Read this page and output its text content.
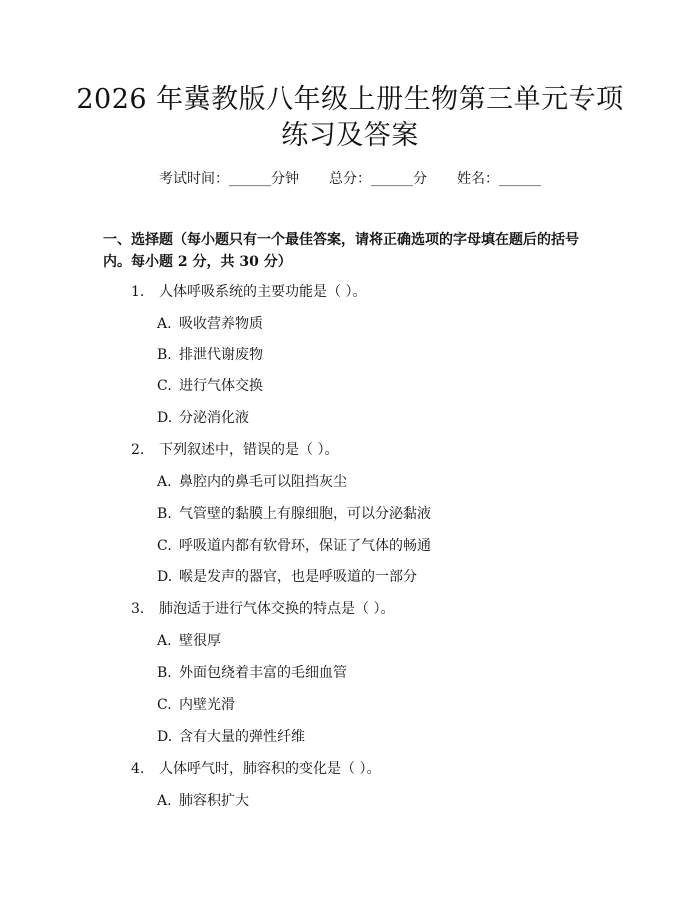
2026 年冀教版八年级上册生物第三单元专项
练习及答案
考试时间：______分钟 总分：______分 姓名：______
一、选择题（每小题只有一个最佳答案，请将正确选项的字母填在题后的括号
内。每小题 2 分，共 30 分）
1. 人体呼吸系统的主要功能是（ ）。
A. 吸收营养物质
B. 排泄代谢废物
C. 进行气体交换
D. 分泌消化液
2. 下列叙述中，错误的是（ ）。
A. 鼻腔内的鼻毛可以阻挡灰尘
B. 气管壁的黏膜上有腺细胞，可以分泌黏液
C. 呼吸道内都有软骨环，保证了气体的畅通
D. 喉是发声的器官，也是呼吸道的一部分
3. 肺泡适于进行气体交换的特点是（ ）。
A. 壁很厚
B. 外面包绕着丰富的毛细血管
C. 内壁光滑
D. 含有大量的弹性纤维
4. 人体呼气时，肺容积的变化是（ ）。
A. 肺容积扩大
